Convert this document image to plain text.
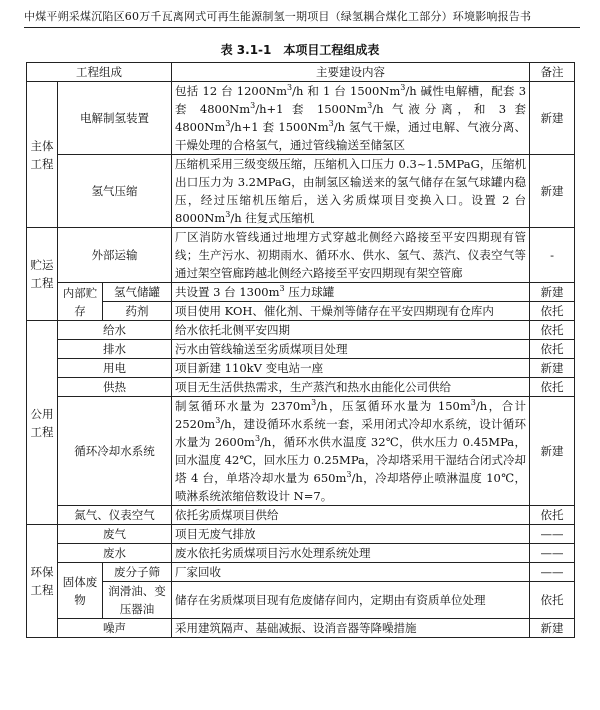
中煤平朔采煤沉陷区60万千瓦离网式可再生能源制氢一期项目（绿氢耦合煤化工部分）环境影响报告书
表 3.1-1　本项目工程组成表
工程组成			主要建设内容	备注
主体工程	电解制氢装置		包括 12 台 1200Nm$^3$/h 和 1 台 1500Nm$^3$/h 碱性电解槽，配套 3 套 $4800Nm^3/h+1$ 套 1500Nm$^3$/h 气液分离，和 3 套 $4800Nm^3/h+1$ 套 1500Nm$^3$/h 氢气干燥，通过电解、气液分离、干燥处理的合格氢气，通过管线输送至储氢区	新建
	氢气压缩		压缩机采用三级变级压缩，压缩机入口压力 0.3~1.5MPaG，压缩机出口压力为 3.2MPaG，由制氢区输送来的氢气储存在氢气球罐内稳压，经过压缩机压缩后，送入劣质煤项目变换入口。设置 2 台 8000Nm$^3$/h 往复式压缩机	新建
贮运工程	外部运输		厂区消防水管线通过地埋方式穿越北侧经六路接至平安四期现有管线；生产污水、初期雨水、循环水、供水、氢气、蒸汽、仪表空气等通过架空管廊跨越北侧经六路接至平安四期现有架空管廊	-
	内部贮存	氢气储罐	共设置 3 台 $1300m^3$ 压力球罐	新建
		药剂	项目使用 KOH、催化剂、干燥剂等储存在平安四期现有仓库内	依托
公用工程	给水		给水依托北侧平安四期	依托
	排水		污水由管线输送至劣质煤项目处理	依托
	用电		项目新建 110kV 变电站一座	新建
	供热		项目无生活供热需求，生产蒸汽和热水由能化公司供给	依托
	循环冷却水系统		制氢循环水量为 $2370m^3/h$，压氢循环水量为 $150m^3/h$，合计 $2520m^3/h$，建设循环水系统一套，采用闭式冷却水系统，设计循环水量为 $2600m^3/h$，循环水供水温度 32℃，供水压力 0.45MPa，回水温度 42℃，回水压力 0.25MPa，冷却塔采用干湿结合闭式冷却塔 4 台，单塔冷却水量为 $650m^3/h$，冷却塔停止喷淋温度 10℃，喷淋系统浓缩倍数设计 N=7。	新建
	氮气、仪表空气		依托劣质煤项目供给	依托
环保工程	废气		项目无废气排放	——
	废水		废水依托劣质煤项目污水处理系统处理	——
	固体废物	废分子筛	厂家回收	——
		润滑油、变压器油	储存在劣质煤项目现有危废储存间内，定期由有资质单位处理	依托
	噪声		采用建筑隔声、基础减振、设消音器等降噪措施	新建
